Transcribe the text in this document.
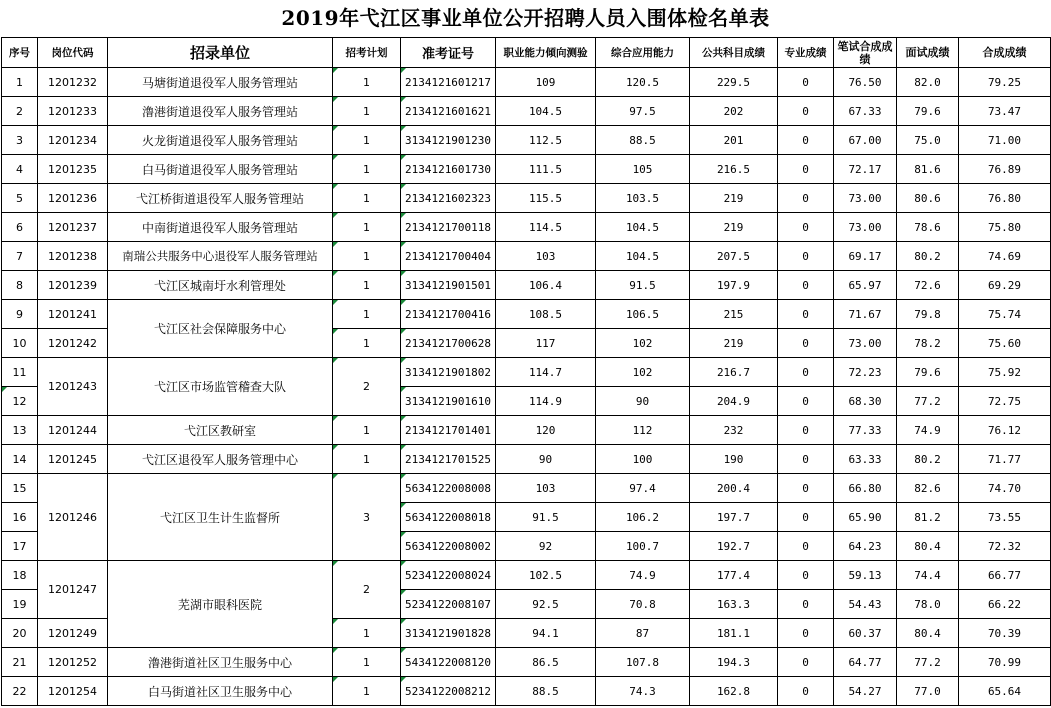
2019年弋江区事业单位公开招聘人员入围体检名单表
序号	岗位代码	招录单位	招考计划	准考证号	职业能力倾向测验	综合应用能力	公共科目成绩	专业成绩	笔试合成成绩	面试成绩	合成成绩
1	1201232	马塘街道退役军人服务管理站	1	2134121601217	109	120.5	229.5	0	76.50	82.0	79.25
2	1201233	澛港街道退役军人服务管理站	1	2134121601621	104.5	97.5	202	0	67.33	79.6	73.47
3	1201234	火龙街道退役军人服务管理站	1	3134121901230	112.5	88.5	201	0	67.00	75.0	71.00
4	1201235	白马街道退役军人服务管理站	1	2134121601730	111.5	105	216.5	0	72.17	81.6	76.89
5	1201236	弋江桥街道退役军人服务管理站	1	2134121602323	115.5	103.5	219	0	73.00	80.6	76.80
6	1201237	中南街道退役军人服务管理站	1	2134121700118	114.5	104.5	219	0	73.00	78.6	75.80
7	1201238	南瑞公共服务中心退役军人服务管理站	1	2134121700404	103	104.5	207.5	0	69.17	80.2	74.69
8	1201239	弋江区城南圩水利管理处	1	3134121901501	106.4	91.5	197.9	0	65.97	72.6	69.29
9	1201241	弋江区社会保障服务中心	1	2134121700416	108.5	106.5	215	0	71.67	79.8	75.74
10	1201242		1	2134121700628	117	102	219	0	73.00	78.2	75.60
11	1201243	弋江区市场监管稽查大队	2	3134121901802	114.7	102	216.7	0	72.23	79.6	75.92
12				3134121901610	114.9	90	204.9	0	68.30	77.2	72.75
13	1201244	弋江区教研室	1	2134121701401	120	112	232	0	77.33	74.9	76.12
14	1201245	弋江区退役军人服务管理中心	1	2134121701525	90	100	190	0	63.33	80.2	71.77
15	1201246	弋江区卫生计生监督所	3	5634122008008	103	97.4	200.4	0	66.80	82.6	74.70
16				5634122008018	91.5	106.2	197.7	0	65.90	81.2	73.55
17				5634122008002	92	100.7	192.7	0	64.23	80.4	72.32
18	1201247	芜湖市眼科医院	2	5234122008024	102.5	74.9	177.4	0	59.13	74.4	66.77
19				5234122008107	92.5	70.8	163.3	0	54.43	78.0	66.22
20	1201249		1	3134121901828	94.1	87	181.1	0	60.37	80.4	70.39
21	1201252	澛港街道社区卫生服务中心	1	5434122008120	86.5	107.8	194.3	0	64.77	77.2	70.99
22	1201254	白马街道社区卫生服务中心	1	5234122008212	88.5	74.3	162.8	0	54.27	77.0	65.64
